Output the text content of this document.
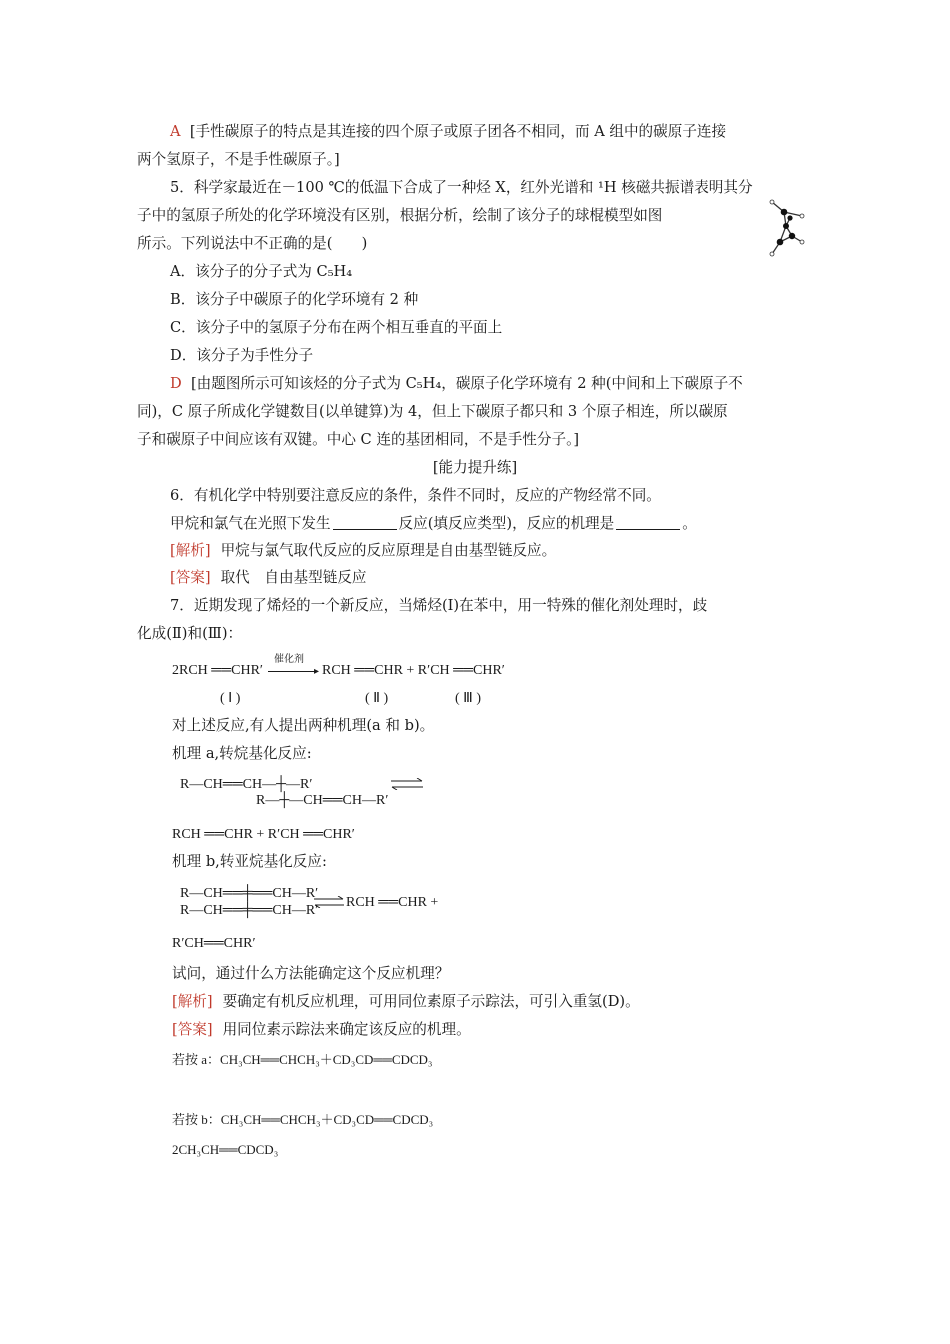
A [手性碳原子的特点是其连接的四个原子或原子团各不相同，而 A 组中的碳原子连接
两个氢原子，不是手性碳原子。]
5．科学家最近在－100 ℃的低温下合成了一种烃 X，红外光谱和 ¹H 核磁共振谱表明其分
子中的氢原子所处的化学环境没有区别，根据分析，绘制了该分子的球棍模型如图
所示。下列说法中不正确的是(　　)
A．该分子的分子式为 C₅H₄
B．该分子中碳原子的化学环境有 2 种
C．该分子中的氢原子分布在两个相互垂直的平面上
D．该分子为手性分子
D [由题图所示可知该烃的分子式为 C₅H₄，碳原子化学环境有 2 种(中间和上下碳原子不
同)，C 原子所成化学键数目(以单键算)为 4，但上下碳原子都只和 3 个原子相连，所以碳原
子和碳原子中间应该有双键。中心 C 连的基团相同，不是手性分子。]
[能力提升练]
6．有机化学中特别要注意反应的条件，条件不同时，反应的产物经常不同。
甲烷和氯气在光照下发生	反应(填反应类型)，反应的机理是	。
[解析] 甲烷与氯气取代反应的反应原理是自由基型链反应。
[答案] 取代　自由基型链反应
7．近期发现了烯烃的一个新反应，当烯烃(Ⅰ)在苯中，用一特殊的催化剂处理时，歧
化成(Ⅱ)和(Ⅲ)：
2RCH ══CHR′
催化剂
▸ RCH ══CHR + R′CH ══CHR′
( Ⅰ )	( Ⅱ )	( Ⅲ )
对上述反应,有人提出两种机理(a 和 b)。
机理 a,转烷基化反应:
R—CH══CH—┼—R′
R—┼—CH══CH—R′
RCH ══CHR + R′CH ══CHR′
机理 b,转亚烷基化反应:
R—CH══╪══CH—R′
R—CH══╪══CH—R′
RCH ══CHR +
R′CH══CHR′
试问，通过什么方法能确定这个反应机理？
[解析] 要确定有机反应机理，可用同位素原子示踪法，可引入重氢(D)。
[答案] 用同位素示踪法来确定该反应的机理。
若按 a：CH₃CH══CHCH₃＋CD₃CD══CDCD₃
若按 b：CH₃CH══CHCH₃＋CD₃CD══CDCD₃
2CH₃CH══CDCD₃
